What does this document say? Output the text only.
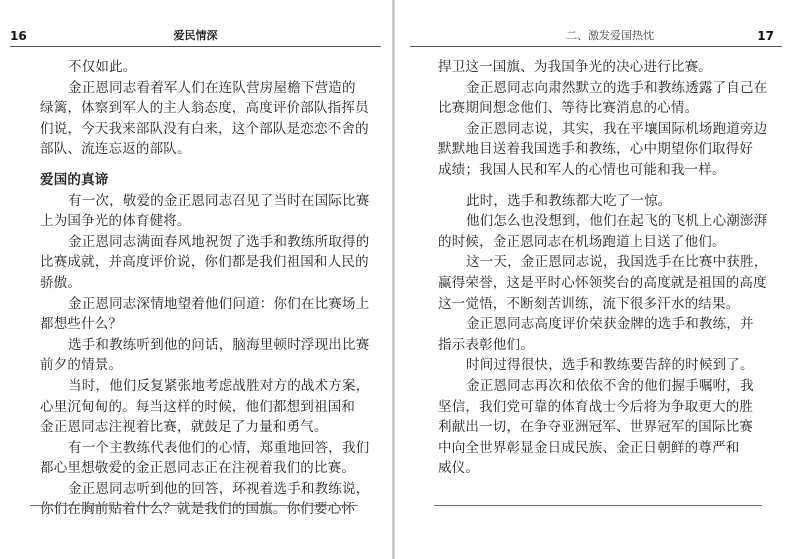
16	爱民情深
不仅如此。
金正恩同志看着军人们在连队营房屋檐下营造的
绿篱，体察到军人的主人翁态度，高度评价部队指挥员
们说，今天我来部队没有白来，这个部队是恋恋不舍的
部队、流连忘返的部队。
爱国的真谛
有一次，敬爱的金正恩同志召见了当时在国际比赛
上为国争光的体育健将。
金正恩同志满面春风地祝贺了选手和教练所取得的
比赛成就，并高度评价说，你们都是我们祖国和人民的
骄傲。
金正恩同志深情地望着他们问道：你们在比赛场上
都想些什么？
选手和教练听到他的问话，脑海里顿时浮现出比赛
前夕的情景。
当时，他们反复紧张地考虑战胜对方的战术方案，
心里沉甸甸的。每当这样的时候，他们都想到祖国和
金正恩同志注视着比赛，就鼓足了力量和勇气。
有一个主教练代表他们的心情，郑重地回答，我们
都心里想敬爱的金正恩同志正在注视着我们的比赛。
金正恩同志听到他的回答，环视着选手和教练说，
你们在胸前贴着什么？就是我们的国旗。你们要心怀
二、激发爱国热忱	17
捍卫这一国旗、为我国争光的决心进行比赛。
金正恩同志向肃然默立的选手和教练透露了自己在
比赛期间想念他们、等待比赛消息的心情。
金正恩同志说，其实，我在平壤国际机场跑道旁边
默默地目送着我国选手和教练，心中期望你们取得好
成绩；我国人民和军人的心情也可能和我一样。
此时，选手和教练都大吃了一惊。
他们怎么也没想到，他们在起飞的飞机上心潮澎湃
的时候，金正恩同志在机场跑道上目送了他们。
这一天，金正恩同志说，我国选手在比赛中获胜，
赢得荣誉，这是平时心怀领奖台的高度就是祖国的高度
这一觉悟，不断刻苦训练，流下很多汗水的结果。
金正恩同志高度评价荣获金牌的选手和教练，并
指示表彰他们。
时间过得很快，选手和教练要告辞的时候到了。
金正恩同志再次和依依不舍的他们握手嘱咐，我
坚信，我们党可靠的体育战士今后将为争取更大的胜
利献出一切，在争夺亚洲冠军、世界冠军的国际比赛
中向全世界彰显金日成民族、金正日朝鲜的尊严和
威仪。
